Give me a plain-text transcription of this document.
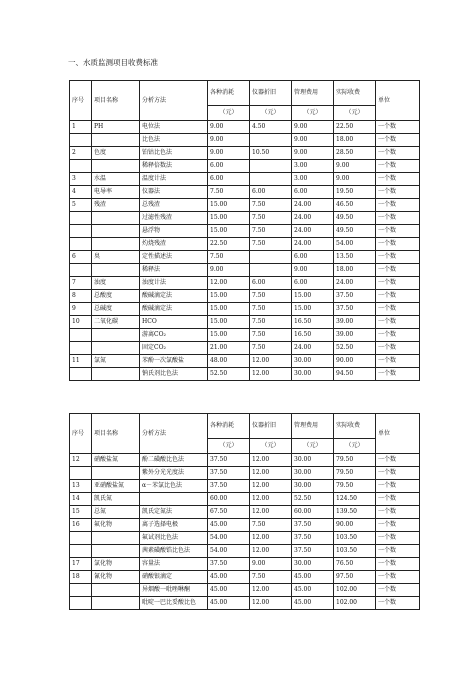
一、水质监测项目收费标准
序号	项目名称	分析方法	各种消耗	仪器折旧	管理费用	实际收费	单位
			（元）	（元）	（元）	（元）	
1	PH	电位法	9.00	4.50	9.00	22.50	一个数
		比色法	9.00		9.00	18.00	一个数
2	色度	铂钴比色法	9.00	10.50	9.00	28.50	一个数
		稀释倍数法	6.00		3.00	9.00	一个数
3	水温	温度计法	6.00		3.00	9.00	一个数
4	电导率	仪器法	7.50	6.00	6.00	19.50	一个数
5	残渣	总残渣	15.00	7.50	24.00	46.50	一个数
		过滤性残渣	15.00	7.50	24.00	49.50	一个数
		悬浮物	15.00	7.50	24.00	49.50	一个数
		灼烧残渣	22.50	7.50	24.00	54.00	一个数
6	臭	定性描述法	7.50		6.00	13.50	一个数
		稀释法	9.00		9.00	18.00	一个数
7	浊度	浊度计法	12.00	6.00	6.00	24.00	一个数
8	总酸度	酸碱滴定法	15.00	7.50	15.00	37.50	一个数
9	总碱度	酸碱滴定法	15.00	7.50	15.00	37.50	一个数
10	二氧化碳	HCO	15.00	7.50	16.50	39.00	一个数
		游离CO₂	15.00	7.50	16.50	39.00	一个数
		固定CO₂	21.00	7.50	24.00	52.50	一个数
11	氯氮	苯酚一次氯酸盐	48.00	12.00	30.00	90.00	一个数
		钠氏剂比色法	52.50	12.00	30.00	94.50	一个数
序号	项目名称	分析方法	各种消耗	仪器折旧	管理费用	实际收费	单位
			（元）	（元）	（元）	（元）	
12	硝酸盐氮	酚二磺酸比色法	37.50	12.00	30.00	79.50	一个数
		紫外分光光度法	37.50	12.00	30.00	79.50	一个数
13	亚硝酸盐氮	α－苯氯比色法	37.50	12.00	30.00	79.50	一个数
14	凯氏氮		60.00	12.00	52.50	124.50	一个数
15	总氮	凯氏定氮法	67.50	12.00	60.00	139.50	一个数
16	氟化物	离子选择电极	45.00	7.50	37.50	90.00	一个数
		氟试剂比色法	54.00	12.00	37.50	103.50	一个数
		茜素磺酸锆比色法	54.00	12.00	37.50	103.50	一个数
17	氯化物	容量法	37.50	9.00	30.00	76.50	一个数
18	氰化物	硝酸银滴定	45.00	7.50	45.00	97.50	一个数
		异烟酸一吡唑啉酮	45.00	12.00	45.00	102.00	一个数
		吡啶一巴比妥酸比色	45.00	12.00	45.00	102.00	一个数
